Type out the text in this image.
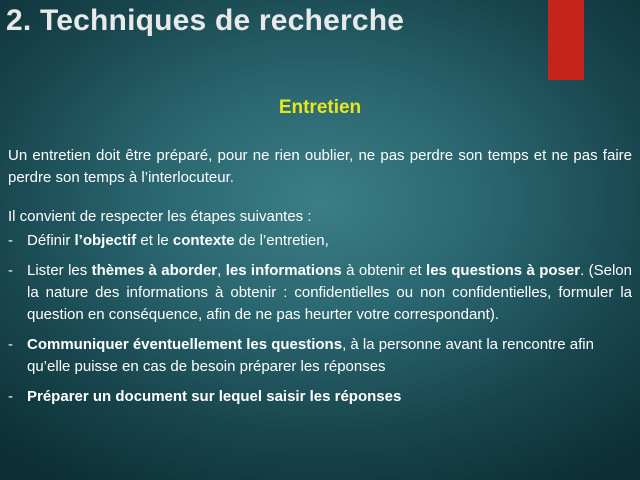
2. Techniques de recherche
Entretien

Un entretien doit être préparé, pour ne rien oublier, ne pas perdre son temps et ne pas faire perdre son temps à l’interlocuteur.

Il convient de respecter les étapes suivantes :

- Définir l’objectif et le contexte de l’entretien,
- Lister les thèmes à aborder, les informations à obtenir et les questions à poser. (Selon la nature des informations à obtenir : confidentielles ou non confidentielles, formuler la question en conséquence, afin de ne pas heurter votre correspondant).
- Communiquer éventuellement les questions, à la personne avant la rencontre afin qu’elle puisse en cas de besoin préparer les réponses
- Préparer un document sur lequel saisir les réponses
